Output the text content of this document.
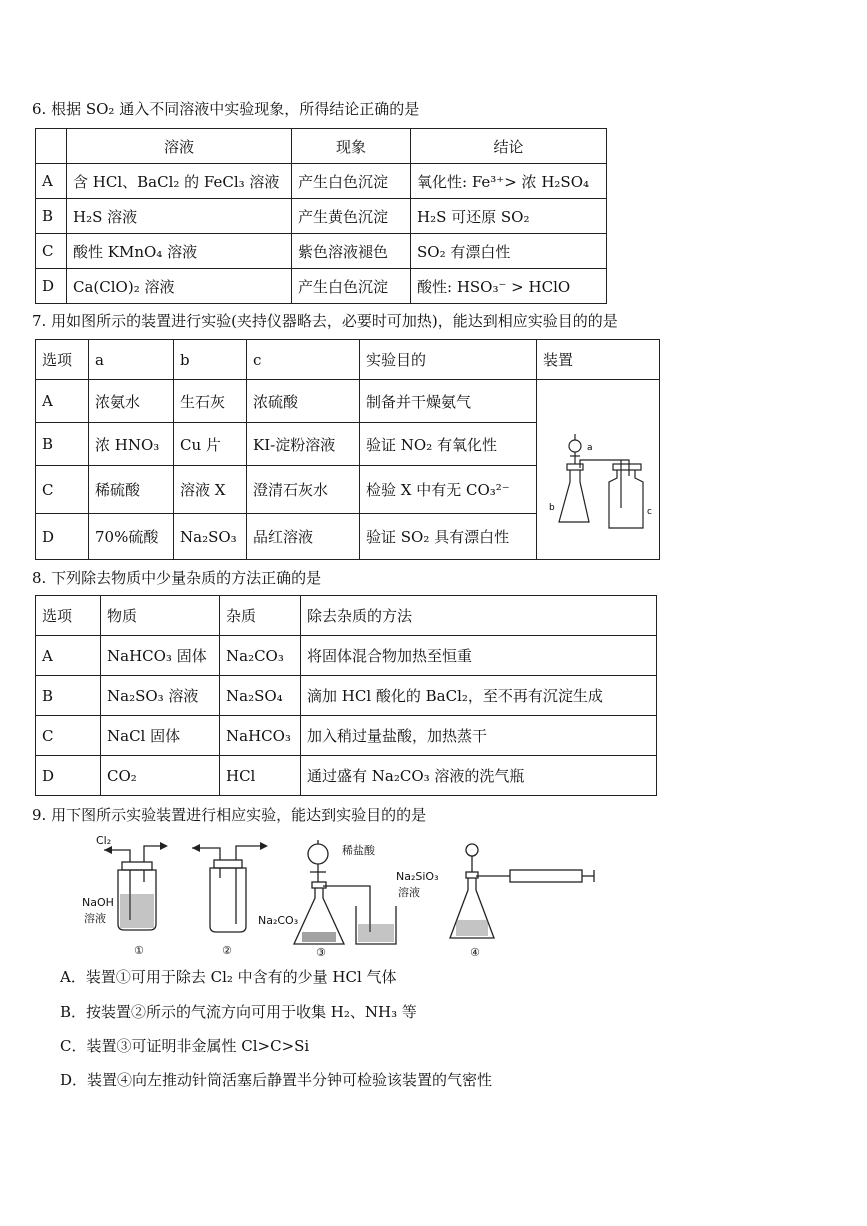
6. 根据 SO₂ 通入不同溶液中实验现象，所得结论正确的是
	溶液	现象	结论
A	含 HCl、BaCl₂ 的 FeCl₃ 溶液	产生白色沉淀	氧化性: Fe³⁺> 浓 H₂SO₄
B	H₂S 溶液	产生黄色沉淀	H₂S 可还原 SO₂
C	酸性 KMnO₄ 溶液	紫色溶液褪色	SO₂ 有漂白性
D	Ca(ClO)₂ 溶液	产生白色沉淀	酸性: HSO₃⁻ > HClO
7. 用如图所示的装置进行实验(夹持仪器略去，必要时可加热)，能达到相应实验目的的是
选项	a	b	c	实验目的	装置
A	浓氨水	生石灰	浓硫酸	制备并干燥氨气	a
b c

B	浓 HNO₃	Cu 片	KI-淀粉溶液	验证 NO₂ 有氧化性	
C	稀硫酸	溶液 X	澄清石灰水	检验 X 中有无 CO₃²⁻	
D	70%硫酸	Na₂SO₃	品红溶液	验证 SO₂ 具有漂白性	
8. 下列除去物质中少量杂质的方法正确的是
选项	物质	杂质	除去杂质的方法
A	NaHCO₃ 固体	Na₂CO₃	将固体混合物加热至恒重
B	Na₂SO₃ 溶液	Na₂SO₄	滴加 HCl 酸化的 BaCl₂，至不再有沉淀生成
C	NaCl 固体	NaHCO₃	加入稍过量盐酸，加热蒸干
D	CO₂	HCl	通过盛有 Na₂CO₃ 溶液的洗气瓶
9. 用下图所示实验装置进行相应实验，能达到实验目的的是
Cl₂
NaOH
溶液
稀盐酸
Na₂SiO₃
溶液
Na₂CO₃
①	②	③	④
A．装置①可用于除去 Cl₂ 中含有的少量 HCl 气体
B．按装置②所示的气流方向可用于收集 H₂、NH₃ 等
C．装置③可证明非金属性 Cl>C>Si
D．装置④向左推动针筒活塞后静置半分钟可检验该装置的气密性
